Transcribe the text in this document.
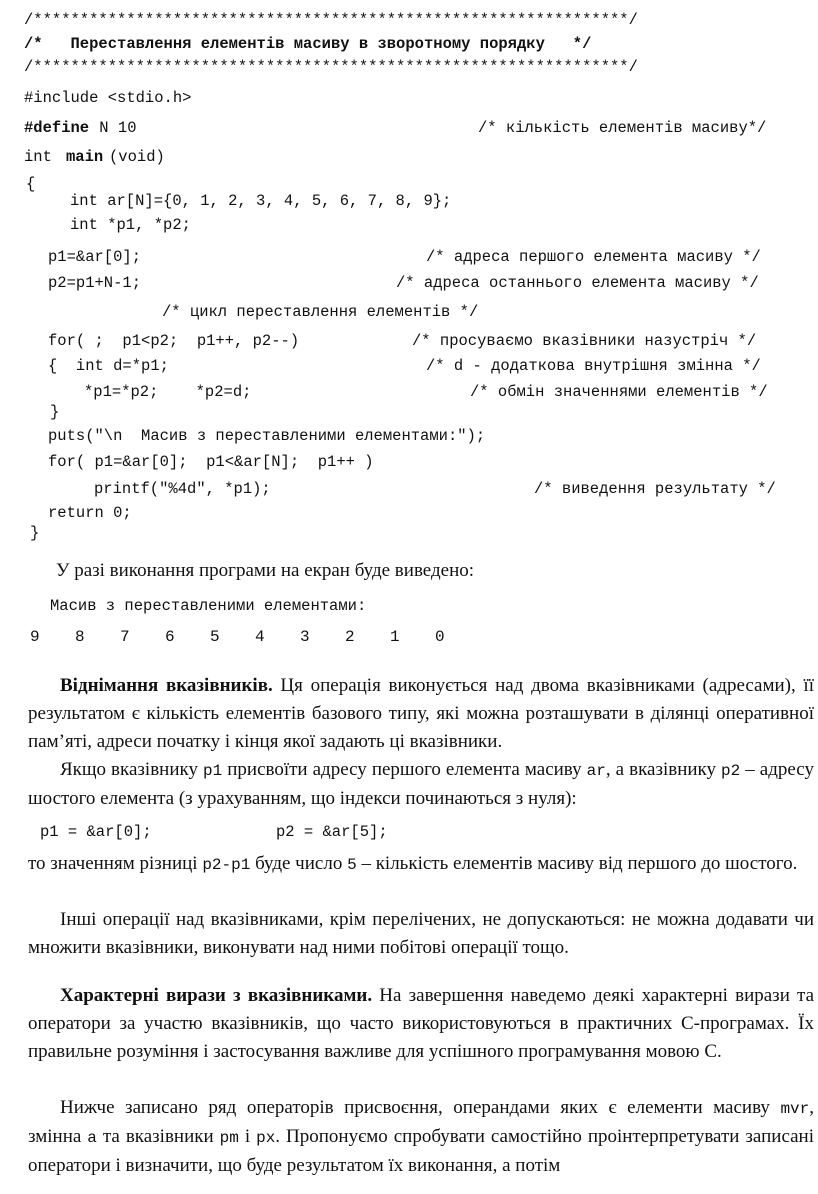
/****************************************************************/
/*   Переставлення елементів масиву в зворотному порядку   */
/****************************************************************/
#include <stdio.h>

#define

N 10

	/* кількість елементів масиву*/

int

main

(void)

{
int ar[N]={0, 1, 2, 3, 4, 5, 6, 7, 8, 9};
int *p1, *p2;

p1=&ar[0];

	/* адреса першого елемента масиву */

p2=p1+N-1;

	/* адреса останнього елемента масиву */

/* цикл переставлення елементів */

for( ;  p1<p2;  p1++, p2--)

	/* просуваємо вказівники назустріч */

{  int d=*p1;

	/* d - додаткова внутрішня змінна */

*p1=*p2;    *p2=d;

	/* обмін значеннями елементів */

}
puts("\n  Масив з переставленими елементами:");
for( p1=&ar[0];  p1<&ar[N];  p1++ )

printf("%4d", *p1);

	/* виведення результату */

return 0;
}
У разі виконання програми на екран буде виведено:
Масив з переставленими елементами:

9

8

7

6

5

4

3

2

1

0

Віднімання вказівників. Ця операція виконується над двома вказівниками (адресами), її результатом є кількість елементів базового типу, які можна розташувати в ділянці оперативної пам’яті, адреси початку і кінця якої задають ці вказівники.
Якщо вказівнику p1 присвоїти адресу першого елемента масиву ar, а вказівнику p2 – адресу шостого елемента (з урахуванням, що індекси починаються з нуля):

p1 = &ar[0];

	p2 = &ar[5];

то значенням різниці p2-p1 буде число 5 – кількість елементів масиву від першого до шостого.
Інші операції над вказівниками, крім перелічених, не допускаються: не можна додавати чи множити вказівники, виконувати над ними побітові операції тощо.
Характерні вирази з вказівниками. На завершення наведемо деякі характерні вирази та оператори за участю вказівників, що часто використовуються в практичних С-програмах. Їх правильне розуміння і застосування важливе для успішного програмування мовою С.
Нижче записано ряд операторів присвоєння, операндами яких є елементи масиву mvr, змінна a та вказівники pm і px. Пропонуємо спробувати самостійно проінтерпретувати записані оператори і визначити, що буде результатом їх виконання, а потім
